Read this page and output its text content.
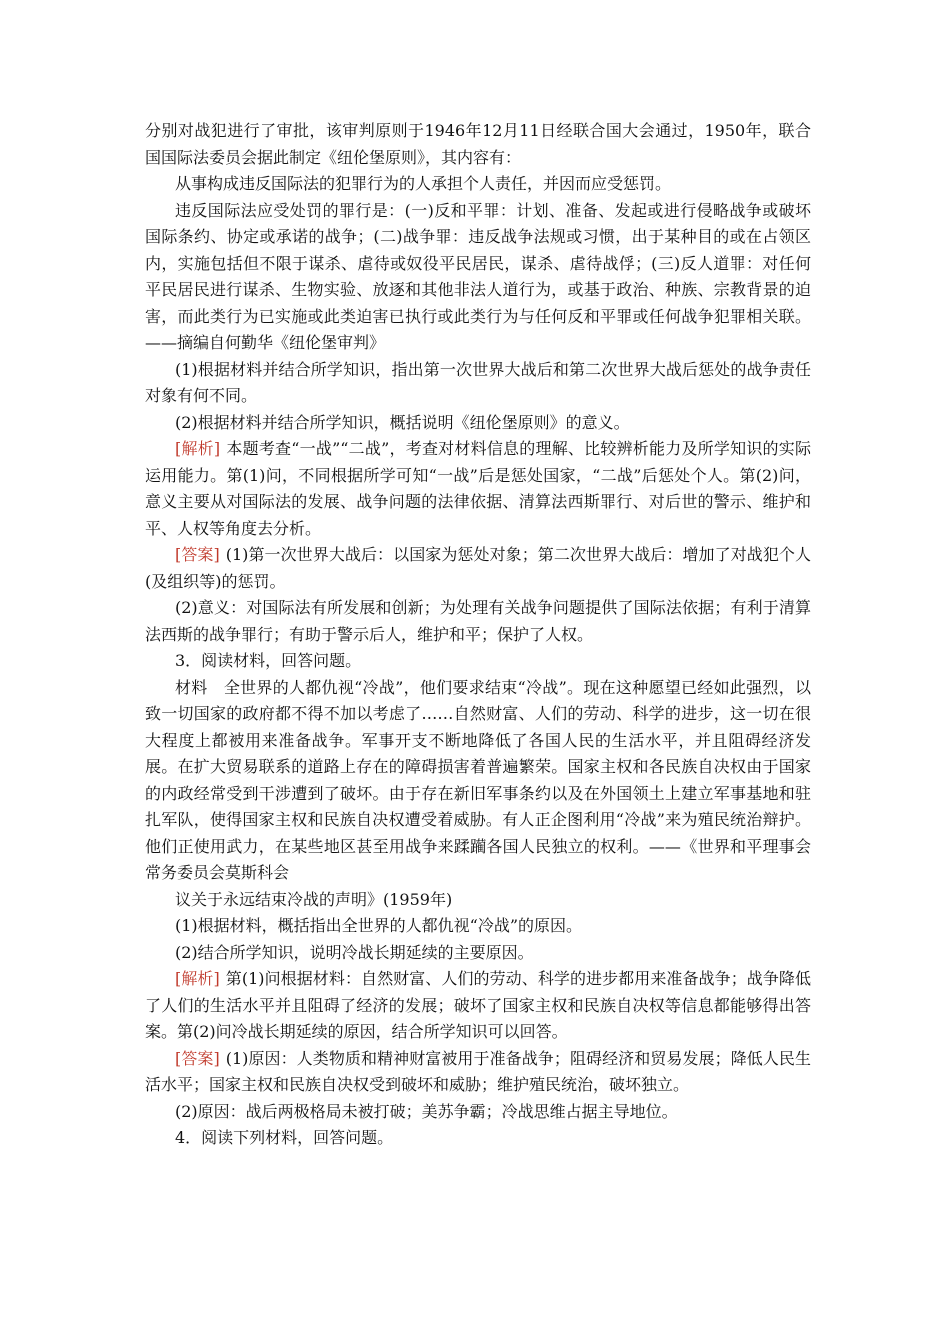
分别对战犯进行了审批，该审判原则于1946年12月11日经联合国大会通过，1950年，联合国国际法委员会据此制定《纽伦堡原则》，其内容有：

从事构成违反国际法的犯罪行为的人承担个人责任，并因而应受惩罚。

违反国际法应受处罚的罪行是：(一)反和平罪：计划、准备、发起或进行侵略战争或破坏国际条约、协定或承诺的战争；(二)战争罪：违反战争法规或习惯，出于某种目的或在占领区内，实施包括但不限于谋杀、虐待或奴役平民居民，谋杀、虐待战俘；(三)反人道罪：对任何平民居民进行谋杀、生物实验、放逐和其他非法人道行为，或基于政治、种族、宗教背景的迫害，而此类行为已实施或此类迫害已执行或此类行为与任何反和平罪或任何战争犯罪相关联。——摘编自何勤华《纽伦堡审判》

(1)根据材料并结合所学知识，指出第一次世界大战后和第二次世界大战后惩处的战争责任对象有何不同。

(2)根据材料并结合所学知识，概括说明《纽伦堡原则》的意义。

[解析] 本题考查“一战”“二战”，考查对材料信息的理解、比较辨析能力及所学知识的实际运用能力。第(1)问，不同根据所学可知“一战”后是惩处国家，“二战”后惩处个人。第(2)问，意义主要从对国际法的发展、战争问题的法律依据、清算法西斯罪行、对后世的警示、维护和平、人权等角度去分析。

[答案] (1)第一次世界大战后：以国家为惩处对象；第二次世界大战后：增加了对战犯个人(及组织等)的惩罚。

(2)意义：对国际法有所发展和创新；为处理有关战争问题提供了国际法依据；有利于清算法西斯的战争罪行；有助于警示后人，维护和平；保护了人权。

3．阅读材料，回答问题。

材料　全世界的人都仇视“冷战”，他们要求结束“冷战”。现在这种愿望已经如此强烈，以致一切国家的政府都不得不加以考虑了……自然财富、人们的劳动、科学的进步，这一切在很大程度上都被用来准备战争。军事开支不断地降低了各国人民的生活水平，并且阻碍经济发展。在扩大贸易联系的道路上存在的障碍损害着普遍繁荣。国家主权和各民族自决权由于国家的内政经常受到干涉遭到了破坏。由于存在新旧军事条约以及在外国领土上建立军事基地和驻扎军队，使得国家主权和民族自决权遭受着威胁。有人正企图利用“冷战”来为殖民统治辩护。他们正使用武力，在某些地区甚至用战争来蹂躏各国人民独立的权利。——《世界和平理事会常务委员会莫斯科会

议关于永远结束冷战的声明》(1959年)

(1)根据材料，概括指出全世界的人都仇视“冷战”的原因。

(2)结合所学知识，说明冷战长期延续的主要原因。

[解析] 第(1)问根据材料：自然财富、人们的劳动、科学的进步都用来准备战争；战争降低了人们的生活水平并且阻碍了经济的发展；破坏了国家主权和民族自决权等信息都能够得出答案。第(2)问冷战长期延续的原因，结合所学知识可以回答。

[答案] (1)原因：人类物质和精神财富被用于准备战争；阻碍经济和贸易发展；降低人民生活水平；国家主权和民族自决权受到破坏和威胁；维护殖民统治，破坏独立。

(2)原因：战后两极格局未被打破；美苏争霸；冷战思维占据主导地位。

4．阅读下列材料，回答问题。
